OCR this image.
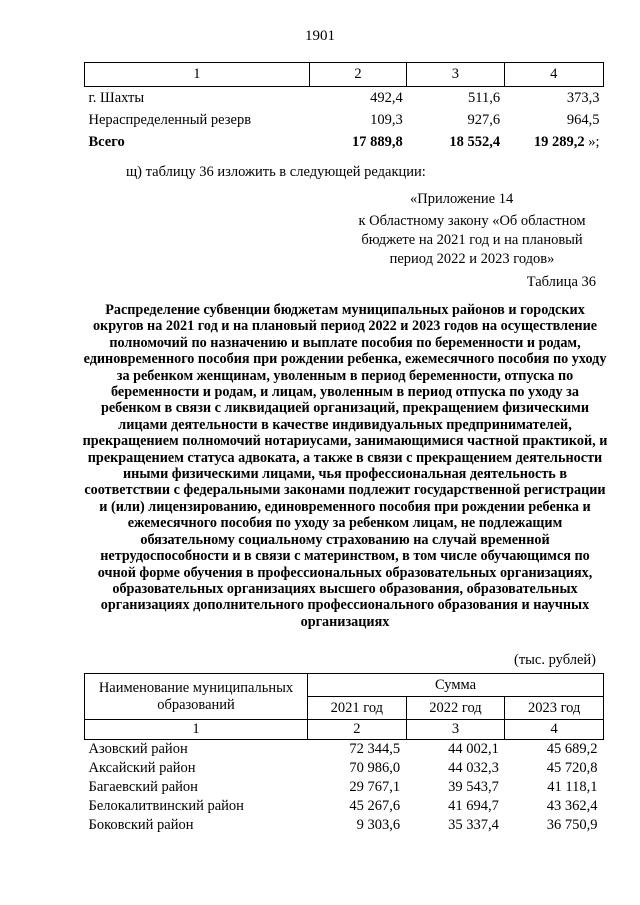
1901
1	2	3	4
г. Шахты	492,4	511,6	373,3
Нераспределенный резерв	109,3	927,6	964,5
Всего	17 889,8	18 552,4	19 289,2 »;
щ) таблицу 36 изложить в следующей редакции:
«Приложение 14
к Областному закону «Об областном бюджете на 2021 год и на плановый период 2022 и 2023 годов»
Таблица 36
Распределение субвенции бюджетам муниципальных районов и городских округов на 2021 год и на плановый период 2022 и 2023 годов на осуществление полномочий по назначению и выплате пособия по беременности и родам, единовременного пособия при рождении ребенка, ежемесячного пособия по уходу за ребенком женщинам, уволенным в период беременности, отпуска по беременности и родам, и лицам, уволенным в период отпуска по уходу за ребенком в связи с ликвидацией организаций, прекращением физическими лицами деятельности в качестве индивидуальных предпринимателей, прекращением полномочий нотариусами, занимающимися частной практикой, и прекращением статуса адвоката, а также в связи с прекращением деятельности иными физическими лицами, чья профессиональная деятельность в соответствии с федеральными законами подлежит государственной регистрации и (или) лицензированию, единовременного пособия при рождении ребенка и ежемесячного пособия по уходу за ребенком лицам, не подлежащим обязательному социальному страхованию на случай временной нетрудоспособности и в связи с материнством, в том числе обучающимся по очной форме обучения в профессиональных образовательных организациях, образовательных организациях высшего образования, образовательных организациях дополнительного профессионального образования и научных организациях
(тыс. рублей)
Наименование муниципальных образований	Сумма		
	2021 год	2022 год	2023 год
1	2	3	4
Азовский район	72 344,5	44 002,1	45 689,2
Аксайский район	70 986,0	44 032,3	45 720,8
Багаевский район	29 767,1	39 543,7	41 118,1
Белокалитвинский район	45 267,6	41 694,7	43 362,4
Боковский район	9 303,6	35 337,4	36 750,9
